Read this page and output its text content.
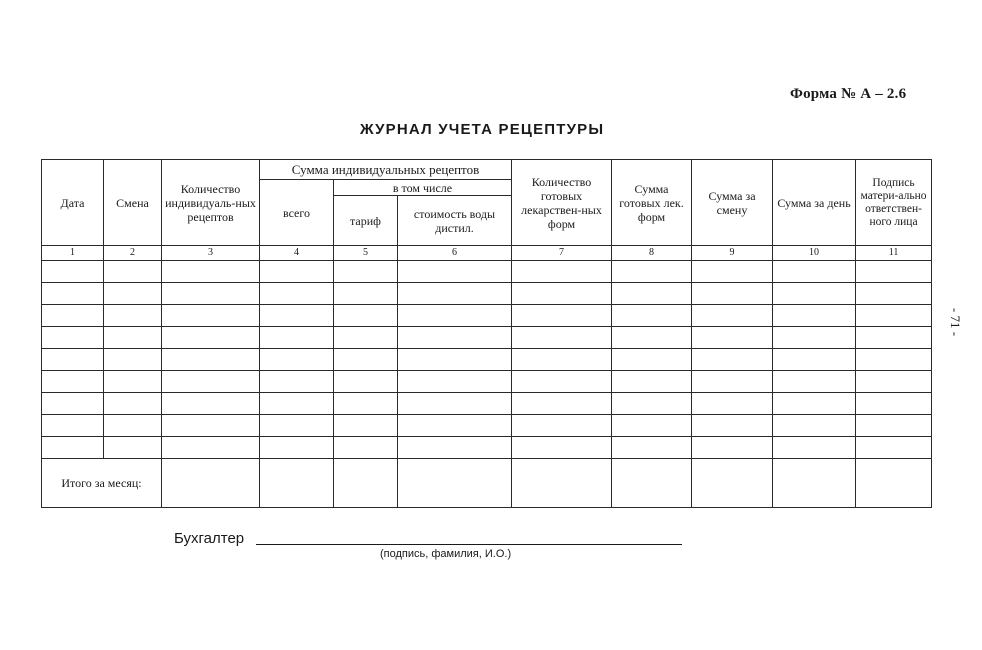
Форма № А – 2.6
ЖУРНАЛ УЧЕТА РЕЦЕПТУРЫ
- 71 -
Дата	Смена	Количество индивидуаль-ных рецептов	Сумма индивидуальных рецептов			Количество готовых лекарствен-ных форм	Сумма готовых лек. форм	Сумма за смену	Сумма за день	Подпись матери-ально ответствен-ного лица
			всего	в том числе						
				тариф	стоимость воды дистил.					
1	2	3	4	5	6	7	8	9	10	11

Итого за месяц:										
Бухгалтер
(подпись, фамилия, И.О.)
